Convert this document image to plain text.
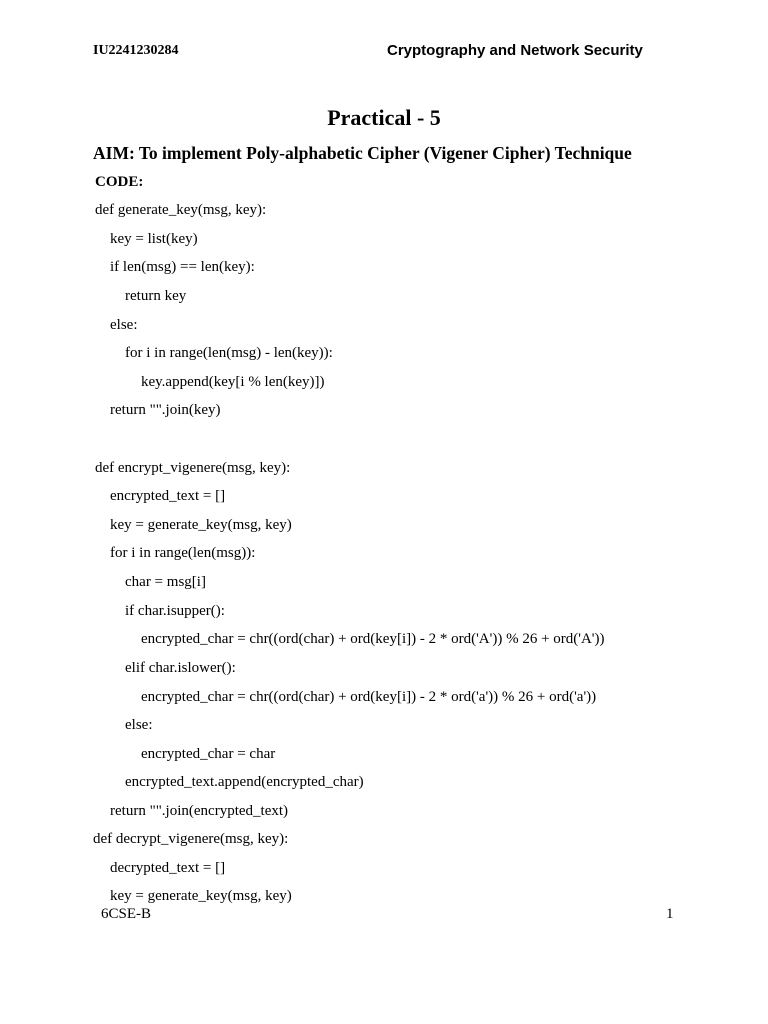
IU2241230284	Cryptography and Network Security
Practical - 5
AIM: To implement Poly-alphabetic Cipher (Vigener Cipher) Technique
CODE:
def generate_key(msg, key):
key = list(key)
if len(msg) == len(key):
return key
else:
for i in range(len(msg) - len(key)):
key.append(key[i % len(key)])
return "".join(key)
def encrypt_vigenere(msg, key):
encrypted_text = []
key = generate_key(msg, key)
for i in range(len(msg)):
char = msg[i]
if char.isupper():
encrypted_char = chr((ord(char) + ord(key[i]) - 2 * ord('A')) % 26 + ord('A'))
elif char.islower():
encrypted_char = chr((ord(char) + ord(key[i]) - 2 * ord('a')) % 26 + ord('a'))
else:
encrypted_char = char
encrypted_text.append(encrypted_char)
return "".join(encrypted_text)
def decrypt_vigenere(msg, key):
decrypted_text = []
key = generate_key(msg, key)
6CSE-B	1
